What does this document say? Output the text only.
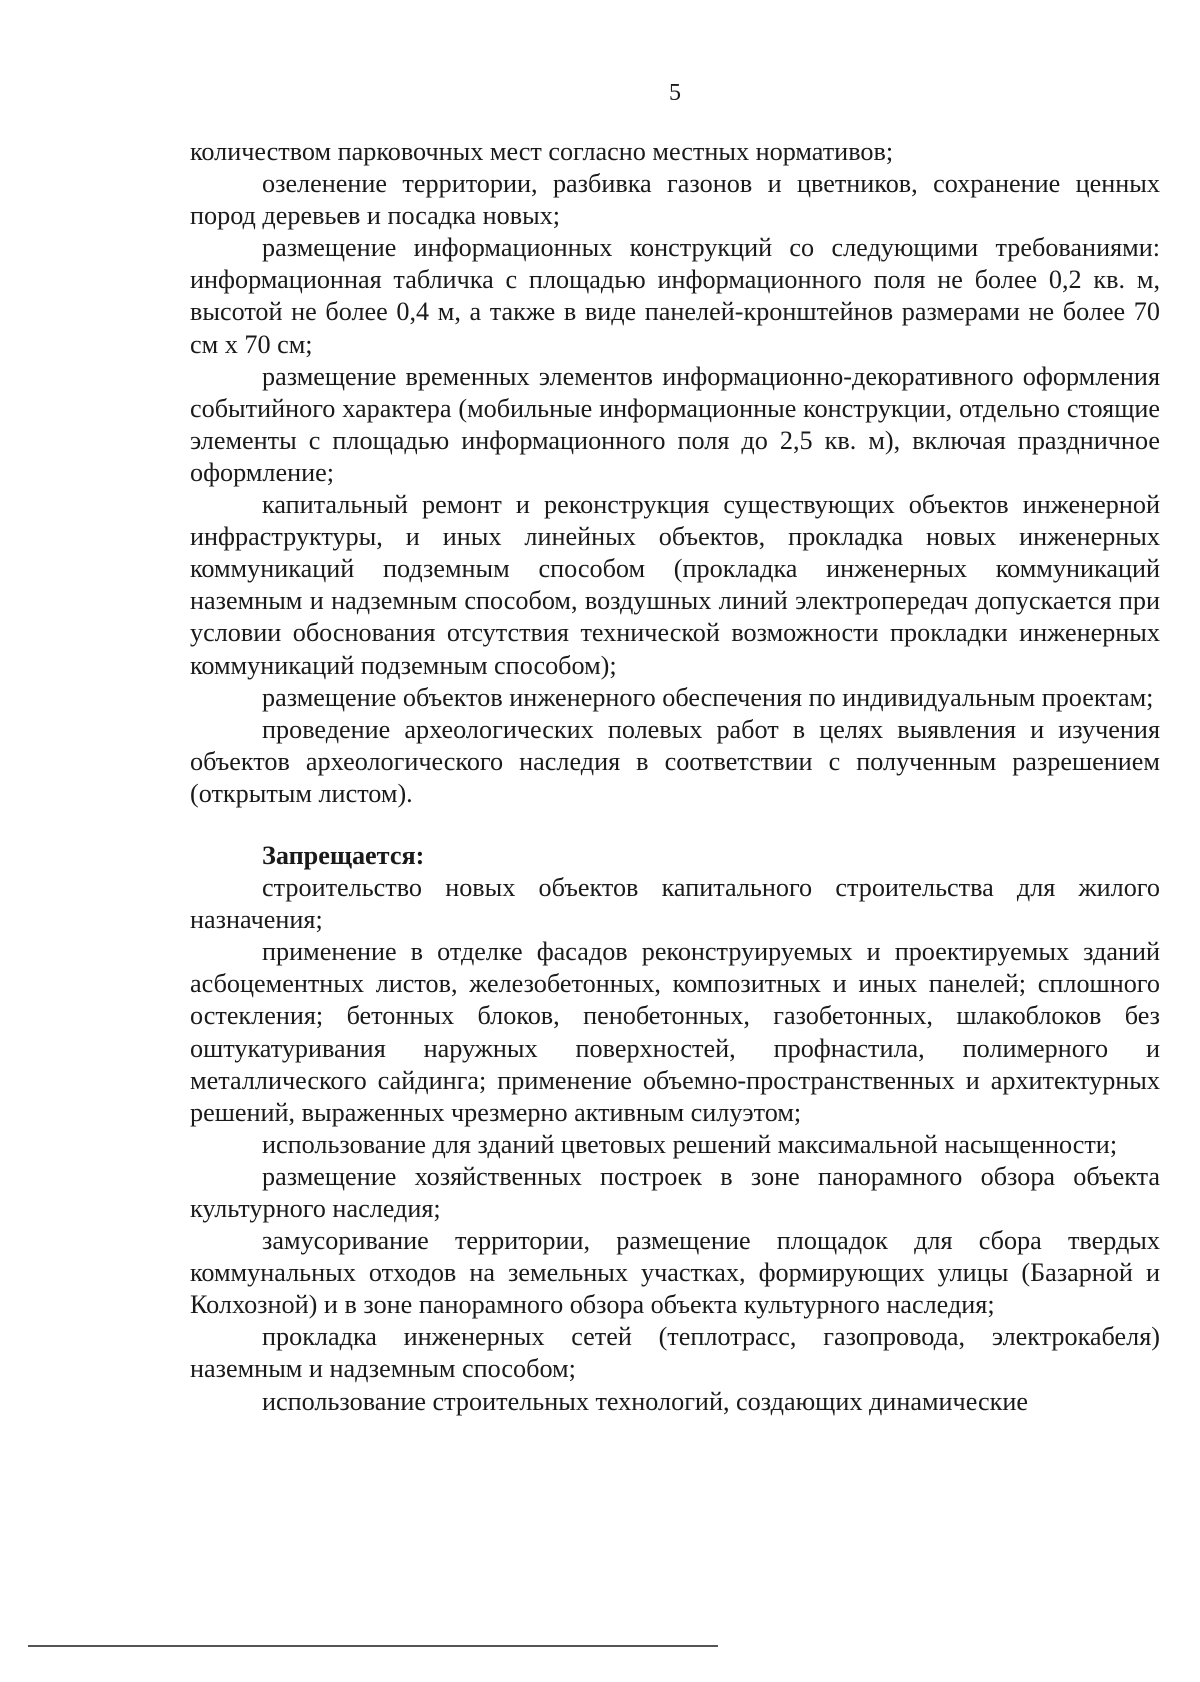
5

количеством парковочных мест согласно местных нормативов;

озеленение территории, разбивка газонов и цветников, сохранение ценных пород деревьев и посадка новых;

размещение информационных конструкций со следующими требованиями: информационная табличка с площадью информационного поля не более 0,2 кв. м, высотой не более 0,4 м, а также в виде панелей-кронштейнов размерами не более 70 см х 70 см;

размещение временных элементов информационно-декоративного оформления событийного характера (мобильные информационные конструкции, отдельно стоящие элементы с площадью информационного поля до 2,5 кв. м), включая праздничное оформление;

капитальный ремонт и реконструкция существующих объектов инженерной инфраструктуры, и иных линейных объектов, прокладка новых инженерных коммуникаций подземным способом (прокладка инженерных коммуникаций наземным и надземным способом, воздушных линий электропередач допускается при условии обоснования отсутствия технической возможности прокладки инженерных коммуникаций подземным способом);

размещение объектов инженерного обеспечения по индивидуальным проектам;

проведение археологических полевых работ в целях выявления и изучения объектов археологического наследия в соответствии с полученным разрешением (открытым листом).

Запрещается:

строительство новых объектов капитального строительства для жилого назначения;

применение в отделке фасадов реконструируемых и проектируемых зданий асбоцементных листов, железобетонных, композитных и иных панелей; сплошного остекления; бетонных блоков, пенобетонных, газобетонных, шлакоблоков без оштукатуривания наружных поверхностей, профнастила, полимерного и металлического сайдинга; применение объемно-пространственных и архитектурных решений, выраженных чрезмерно активным силуэтом;

использование для зданий цветовых решений максимальной насыщенности;

размещение хозяйственных построек в зоне панорамного обзора объекта культурного наследия;

замусоривание территории, размещение площадок для сбора твердых коммунальных отходов на земельных участках, формирующих улицы (Базарной и Колхозной) и в зоне панорамного обзора объекта культурного наследия;

прокладка инженерных сетей (теплотрасс, газопровода, электрокабеля) наземным и надземным способом;

использование строительных технологий, создающих динамические
